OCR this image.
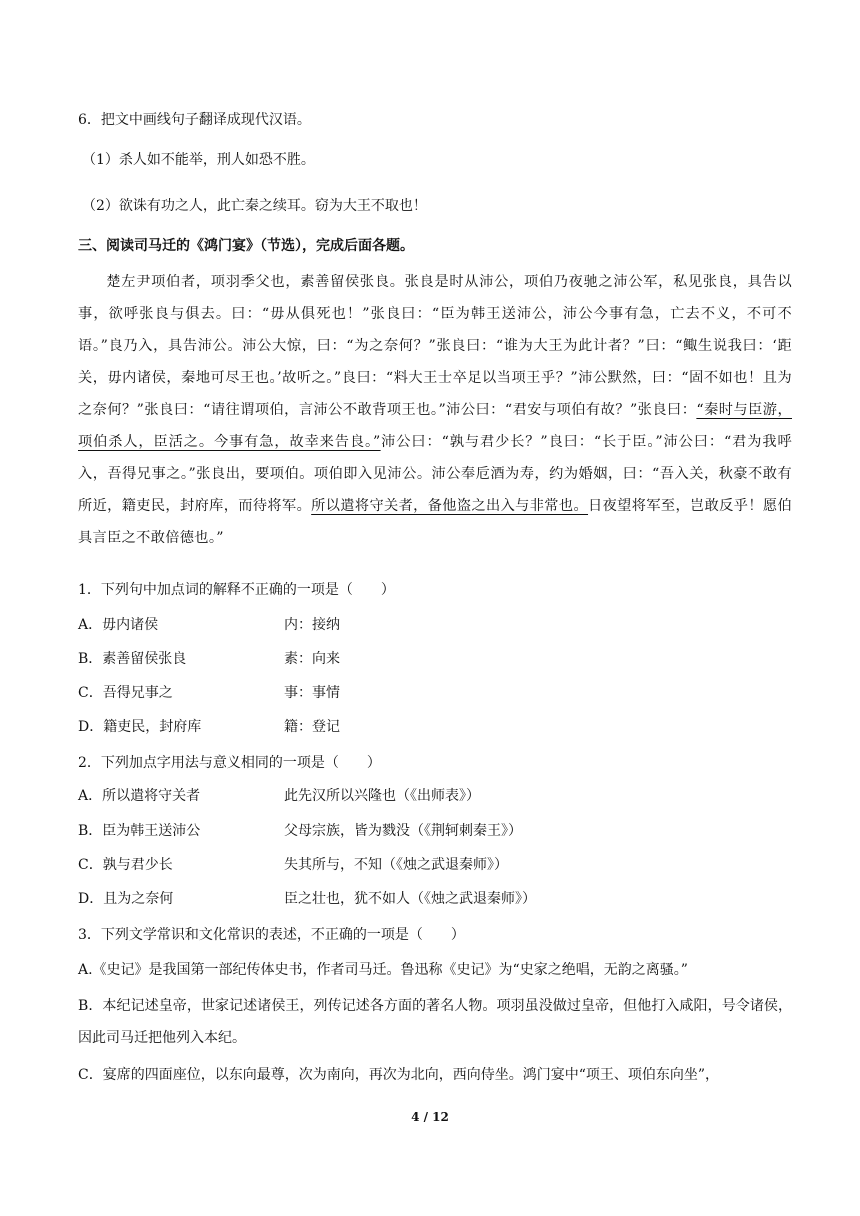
6．把文中画线句子翻译成现代汉语。
（1）杀人如不能举，刑人如恐不胜。
（2）欲诛有功之人，此亡秦之续耳。窃为大王不取也！
三、阅读司马迁的《鸿门宴》（节选），完成后面各题。
楚左尹项伯者，项羽季父也，素善留侯张良。张良是时从沛公，项伯乃夜驰之沛公军，私见张良，具告以事，欲呼张良与俱去。曰：“毋从俱死也！”张良曰：“臣为韩王送沛公，沛公今事有急，亡去不义，不可不语。”良乃入，具告沛公。沛公大惊，曰：“为之奈何？”张良曰：“谁为大王为此计者？”曰：“鲰生说我曰：‘距关，毋内诸侯，秦地可尽王也。’故听之。”良曰：“料大王士卒足以当项王乎？”沛公默然，曰：“固不如也！且为之奈何？”张良曰：“请往谓项伯，言沛公不敢背项王也。”沛公曰：“君安与项伯有故？”张良曰：“秦时与臣游，项伯杀人，臣活之。今事有急，故幸来告良。”沛公曰：“孰与君少长？”良曰：“长于臣。”沛公曰：“君为我呼入，吾得兄事之。”张良出，要项伯。项伯即入见沛公。沛公奉卮酒为寿，约为婚姻，曰：“吾入关，秋豪不敢有所近，籍吏民，封府库，而待将军。所以遣将守关者，备他盗之出入与非常也。日夜望将军至，岂敢反乎！愿伯具言臣之不敢倍德也。”
1．下列句中加点词的解释不正确的一项是（　　）
A．毋内诸侯	内：接纳
B．素善留侯张良	素：向来
C．吾得兄事之	事：事情
D．籍吏民，封府库	籍：登记
2．下列加点字用法与意义相同的一项是（　　）
A．所以遣将守关者	此先汉所以兴隆也（《出师表》）
B．臣为韩王送沛公	父母宗族，皆为戮没（《荆轲刺秦王》）
C．孰与君少长	失其所与，不知（《烛之武退秦师》）
D．且为之奈何	臣之壮也，犹不如人（《烛之武退秦师》）
3．下列文学常识和文化常识的表述，不正确的一项是（　　）
A.《史记》是我国第一部纪传体史书，作者司马迁。鲁迅称《史记》为“史家之绝唱，无韵之离骚。”
B．本纪记述皇帝，世家记述诸侯王，列传记述各方面的著名人物。项羽虽没做过皇帝，但他打入咸阳，号令诸侯，因此司马迁把他列入本纪。
C．宴席的四面座位，以东向最尊，次为南向，再次为北向，西向侍坐。鸿门宴中“项王、项伯东向坐”，
4 / 12
